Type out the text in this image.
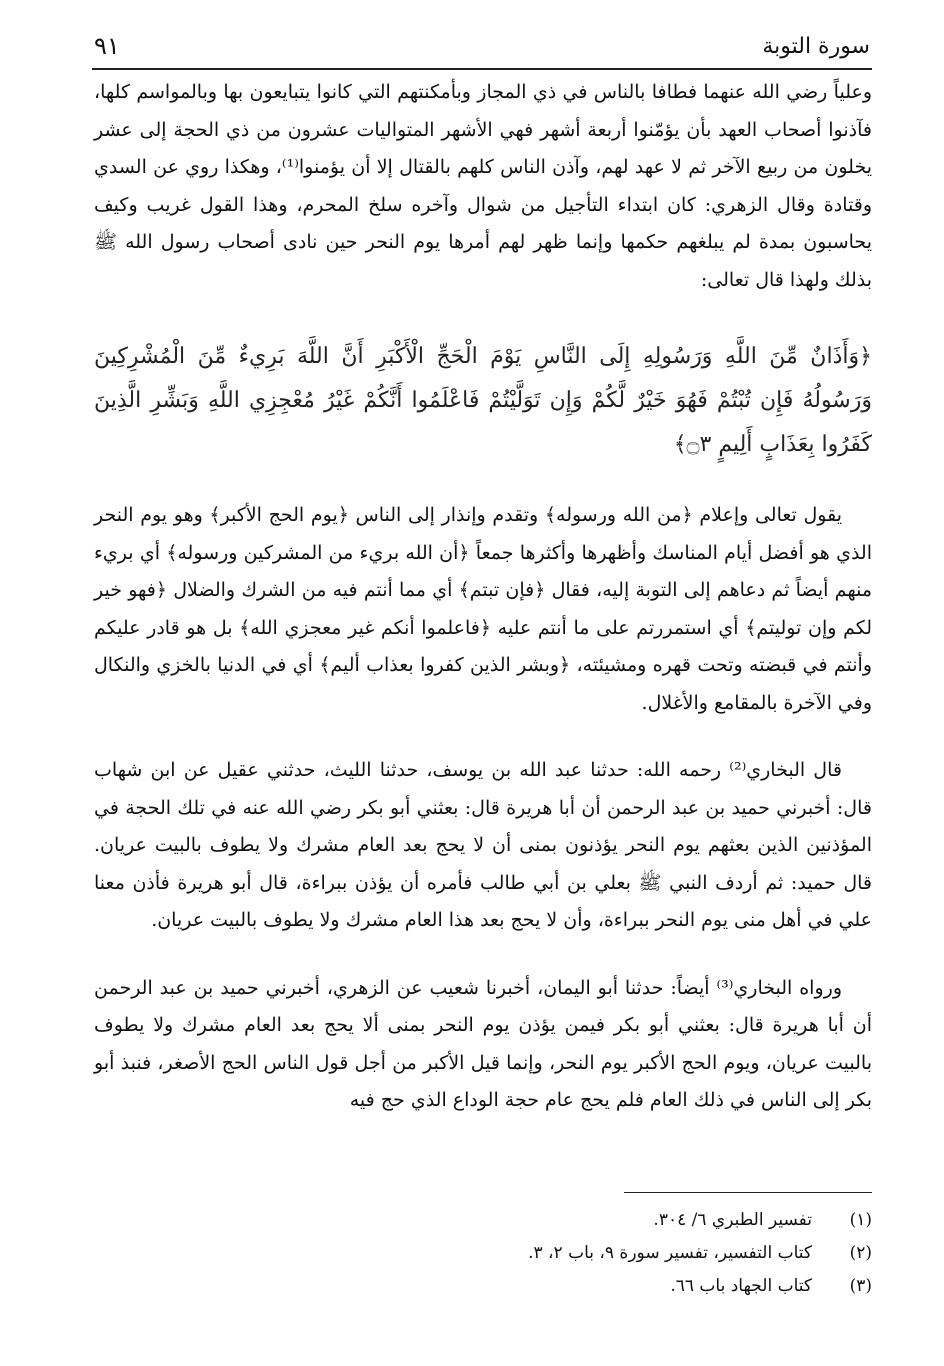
٩١	سورة التوبة

وعلياً رضي الله عنهما فطافا بالناس في ذي المجاز وبأمكنتهم التي كانوا يتبايعون بها وبالمواسم كلها، فآذنوا أصحاب العهد بأن يؤمّنوا أربعة أشهر فهي الأشهر المتواليات عشرون من ذي الحجة إلى عشر يخلون من ربيع الآخر ثم لا عهد لهم، وآذن الناس كلهم بالقتال إلا أن يؤمنوا⁽¹⁾، وهكذا روي عن السدي وقتادة وقال الزهري: كان ابتداء التأجيل من شوال وآخره سلخ المحرم، وهذا القول غريب وكيف يحاسبون بمدة لم يبلغهم حكمها وإنما ظهر لهم أمرها يوم النحر حين نادى أصحاب رسول الله ﷺ بذلك ولهذا قال تعالى:

﴿وَأَذَانٌ مِّنَ اللَّهِ وَرَسُولِهِ إِلَى النَّاسِ يَوْمَ الْحَجِّ الْأَكْبَرِ أَنَّ اللَّهَ بَرِيءٌ مِّنَ الْمُشْرِكِينَ وَرَسُولُهُ فَإِن تُبْتُمْ فَهُوَ خَيْرٌ لَّكُمْ وَإِن تَوَلَّيْتُمْ فَاعْلَمُوا أَنَّكُمْ غَيْرُ مُعْجِزِي اللَّهِ وَبَشِّرِ الَّذِينَ كَفَرُوا بِعَذَابٍ أَلِيمٍ ۝٣﴾

يقول تعالى وإعلام ﴿من الله ورسوله﴾ وتقدم وإنذار إلى الناس ﴿يوم الحج الأكبر﴾ وهو يوم النحر الذي هو أفضل أيام المناسك وأظهرها وأكثرها جمعاً ﴿أن الله بريء من المشركين ورسوله﴾ أي بريء منهم أيضاً ثم دعاهم إلى التوبة إليه، فقال ﴿فإن تبتم﴾ أي مما أنتم فيه من الشرك والضلال ﴿فهو خير لكم وإن توليتم﴾ أي استمررتم على ما أنتم عليه ﴿فاعلموا أنكم غير معجزي الله﴾ بل هو قادر عليكم وأنتم في قبضته وتحت قهره ومشيئته، ﴿وبشر الذين كفروا بعذاب أليم﴾ أي في الدنيا بالخزي والنكال وفي الآخرة بالمقامع والأغلال.

قال البخاري⁽²⁾ رحمه الله: حدثنا عبد الله بن يوسف، حدثنا الليث، حدثني عقيل عن ابن شهاب قال: أخبرني حميد بن عبد الرحمن أن أبا هريرة قال: بعثني أبو بكر رضي الله عنه في تلك الحجة في المؤذنين الذين بعثهم يوم النحر يؤذنون بمنى أن لا يحج بعد العام مشرك ولا يطوف بالبيت عريان. قال حميد: ثم أردف النبي ﷺ بعلي بن أبي طالب فأمره أن يؤذن ببراءة، قال أبو هريرة فأذن معنا علي في أهل منى يوم النحر ببراءة، وأن لا يحج بعد هذا العام مشرك ولا يطوف بالبيت عريان.

ورواه البخاري⁽³⁾ أيضاً: حدثنا أبو اليمان، أخبرنا شعيب عن الزهري، أخبرني حميد بن عبد الرحمن أن أبا هريرة قال: بعثني أبو بكر فيمن يؤذن يوم النحر بمنى ألا يحج بعد العام مشرك ولا يطوف بالبيت عريان، ويوم الحج الأكبر يوم النحر، وإنما قيل الأكبر من أجل قول الناس الحج الأصغر، فنبذ أبو بكر إلى الناس في ذلك العام فلم يحج عام حجة الوداع الذي حج فيه

(١)
تفسير الطبري ٦/ ٣٠٤.
(٢)
كتاب التفسير، تفسير سورة ٩، باب ٢، ٣.
(٣)
كتاب الجهاد باب ٦٦.
